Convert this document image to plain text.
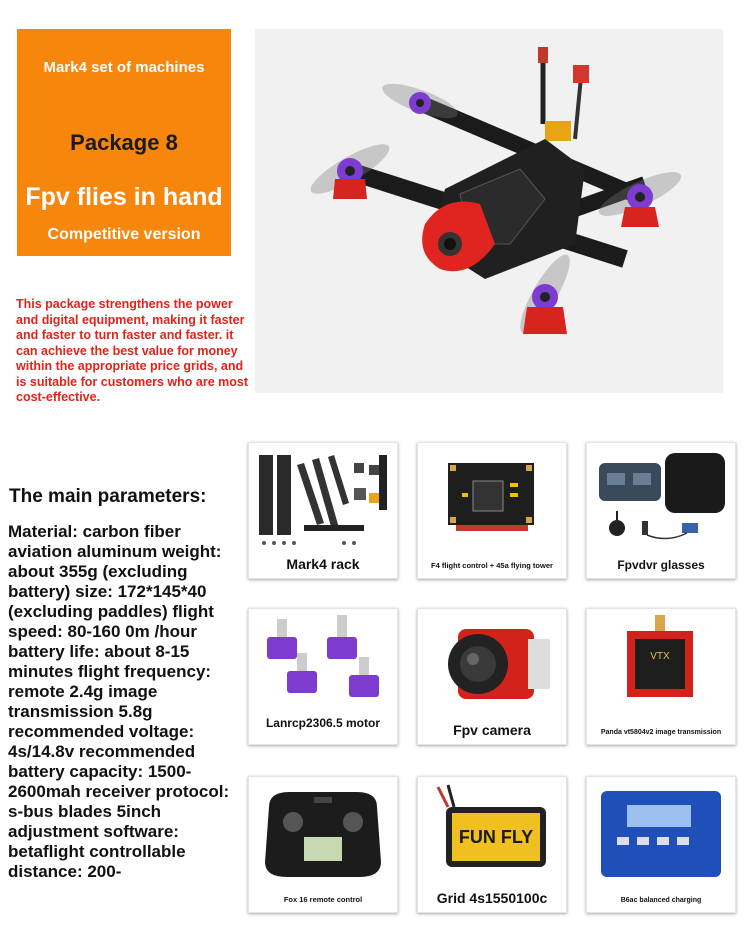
Mark4 set of machines
Package 8
Fpv flies in hand
Competitive version
This package strengthens the power and digital equipment, making it faster and faster to turn faster and faster. it can achieve the best value for money within the appropriate price grids, and is suitable for customers who are most cost-effective.
The main parameters:
Material: carbon fiber aviation aluminum weight: about 355g (excluding battery) size: 172*145*40 (excluding paddles) flight speed: 80-160 0m /hour battery life: about 8-15 minutes flight frequency: remote 2.4g image transmission 5.8g recommended voltage: 4s/14.8v recommended battery capacity: 1500-2600mah receiver protocol: s-bus blades 5inch adjustment software: betaflight controllable distance: 200-
Mark4 rack	F4 flight control + 45a flying tower	Fpvdvr glasses
Lanrcp2306.5 motor	Fpv camera
VTX
Panda vt5804v2 image transmission
Fox 16 remote control
FUN FLY
Grid 4s1550100c	B6ac balanced charging
